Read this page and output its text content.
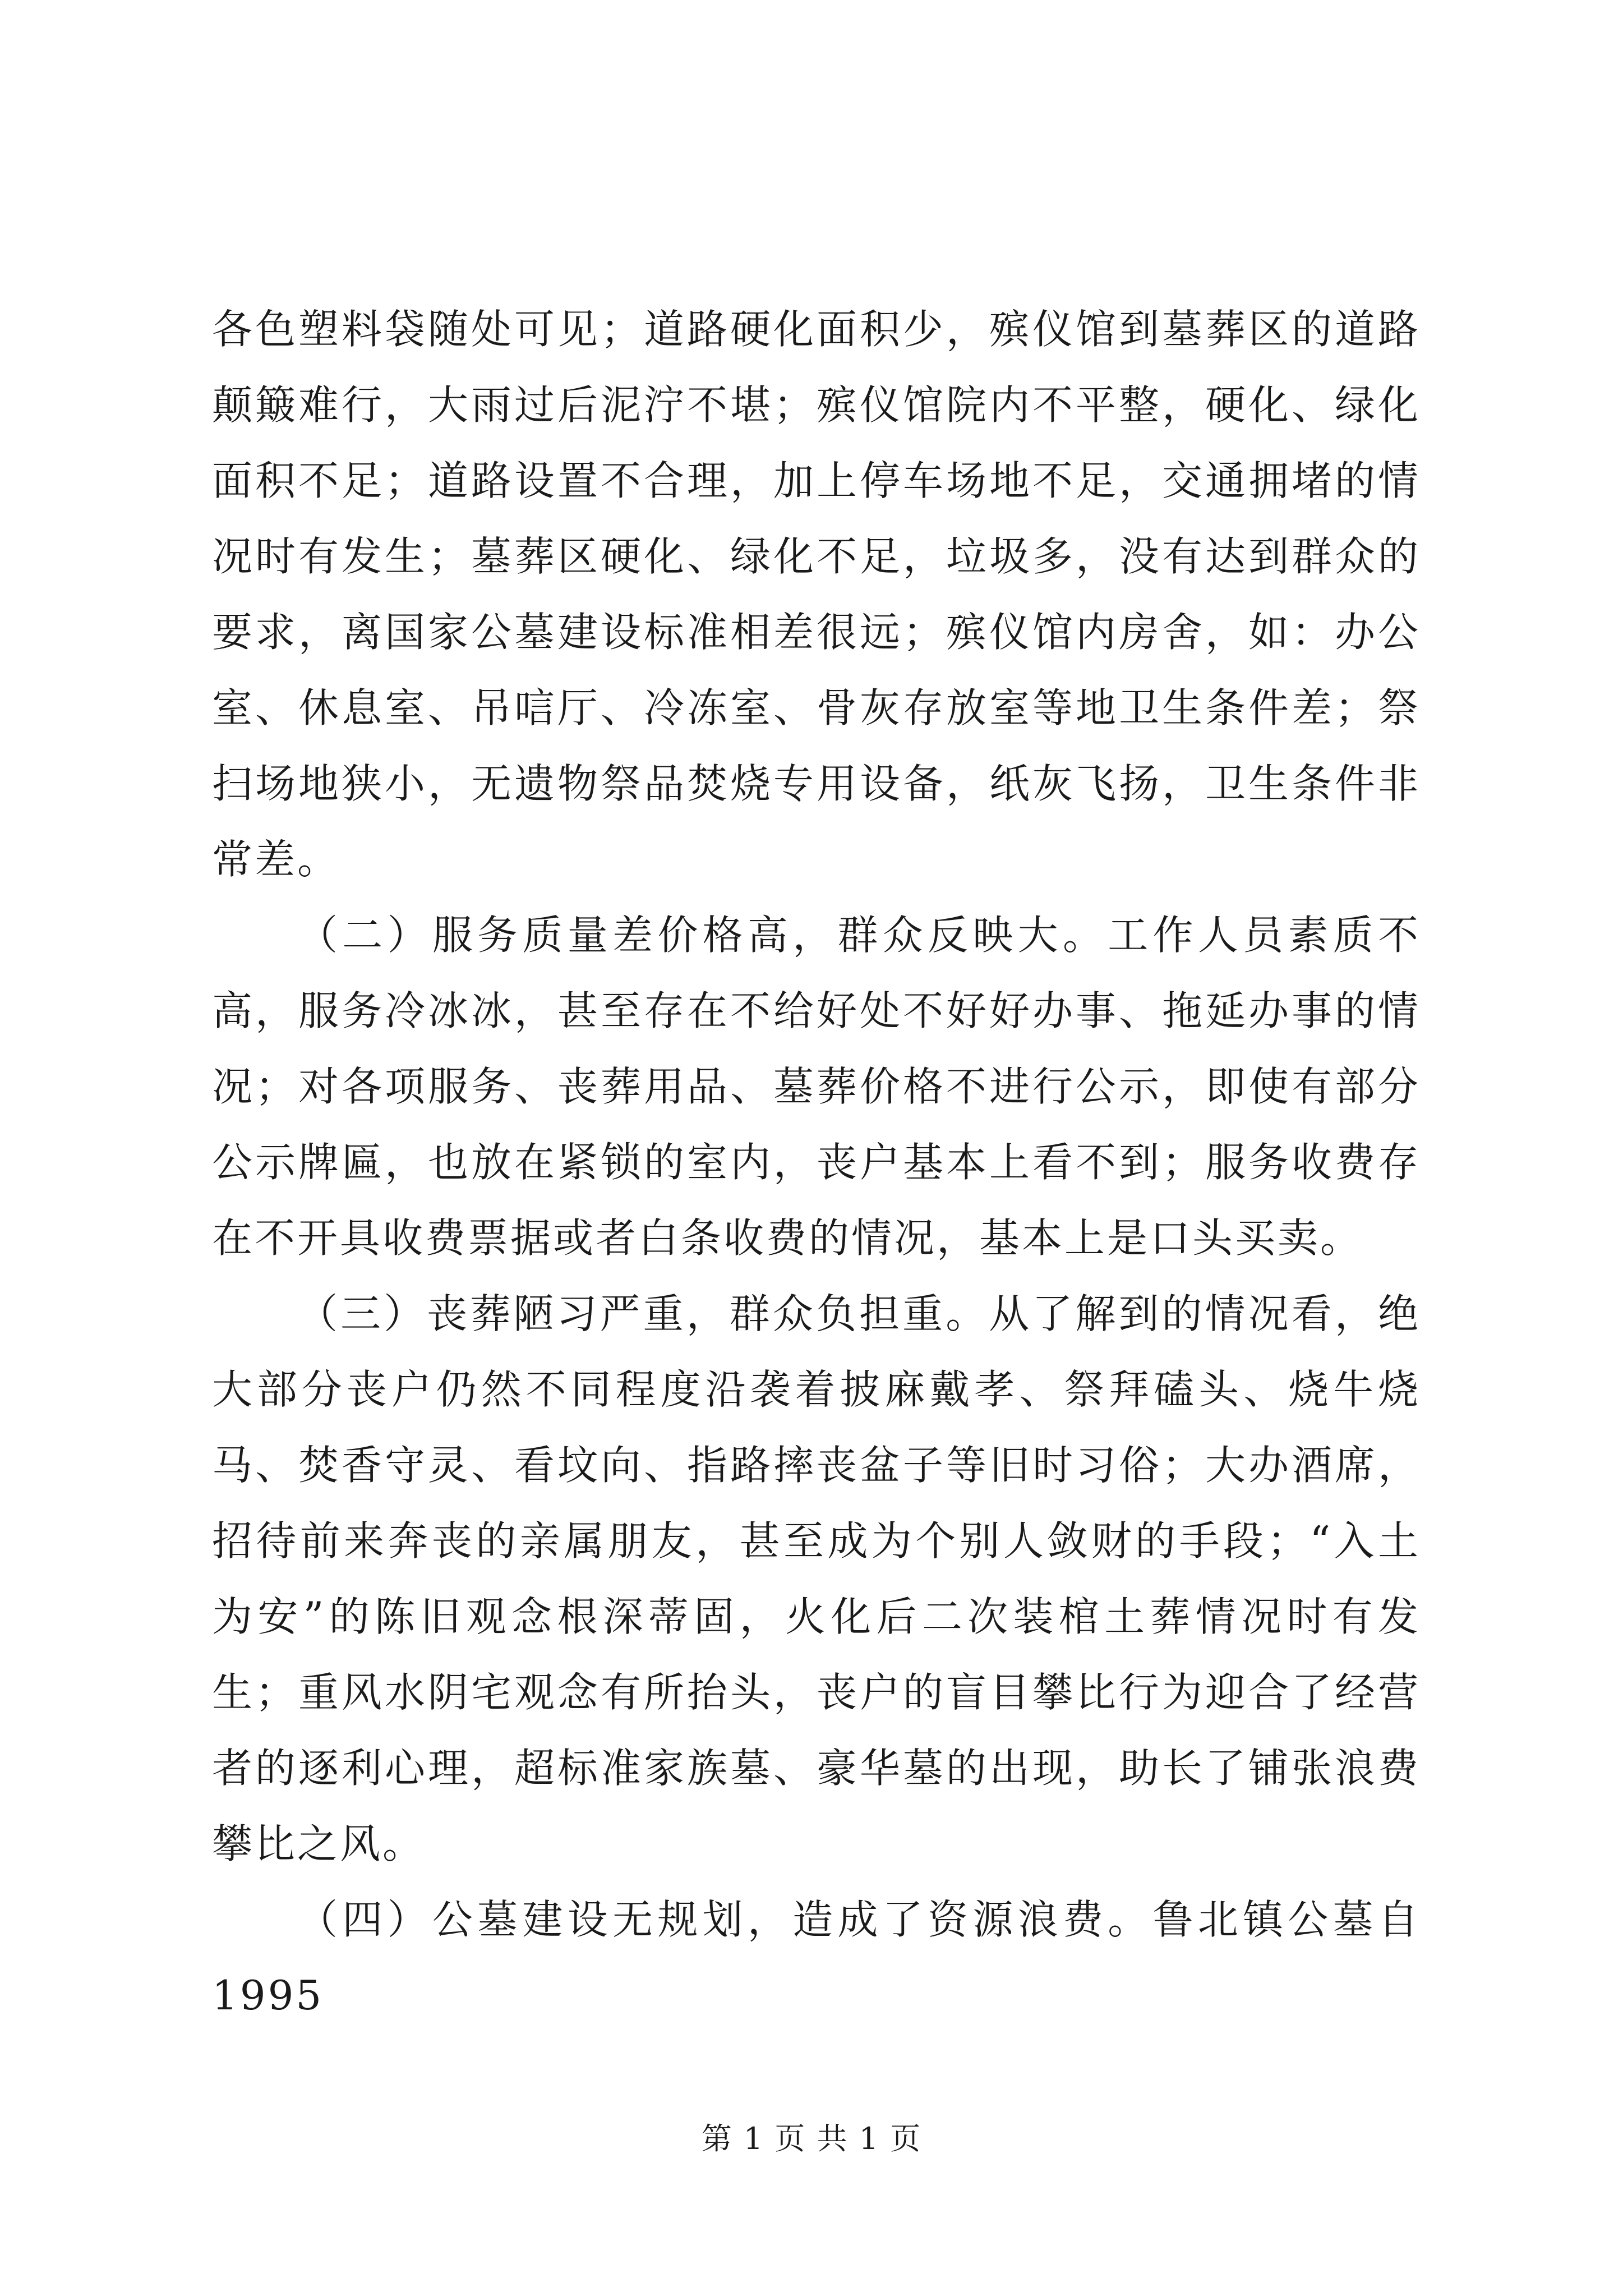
各色塑料袋随处可见；道路硬化面积少，殡仪馆到墓葬区的道路颠簸难行，大雨过后泥泞不堪；殡仪馆院内不平整，硬化、绿化面积不足；道路设置不合理，加上停车场地不足，交通拥堵的情况时有发生；墓葬区硬化、绿化不足，垃圾多，没有达到群众的要求，离国家公墓建设标准相差很远；殡仪馆内房舍，如：办公室、休息室、吊唁厅、冷冻室、骨灰存放室等地卫生条件差；祭扫场地狭小，无遗物祭品焚烧专用设备，纸灰飞扬，卫生条件非常差。

（二）服务质量差价格高，群众反映大。工作人员素质不高，服务冷冰冰，甚至存在不给好处不好好办事、拖延办事的情况；对各项服务、丧葬用品、墓葬价格不进行公示，即使有部分公示牌匾，也放在紧锁的室内，丧户基本上看不到；服务收费存在不开具收费票据或者白条收费的情况，基本上是口头买卖。

（三）丧葬陋习严重，群众负担重。从了解到的情况看，绝大部分丧户仍然不同程度沿袭着披麻戴孝、祭拜磕头、烧牛烧马、焚香守灵、看坟向、指路摔丧盆子等旧时习俗；大办酒席，招待前来奔丧的亲属朋友，甚至成为个别人敛财的手段；“入土为安”的陈旧观念根深蒂固，火化后二次装棺土葬情况时有发生；重风水阴宅观念有所抬头，丧户的盲目攀比行为迎合了经营者的逐利心理，超标准家族墓、豪华墓的出现，助长了铺张浪费攀比之风。

（四）公墓建设无规划，造成了资源浪费。鲁北镇公墓自1995

第 1 页 共 1 页
